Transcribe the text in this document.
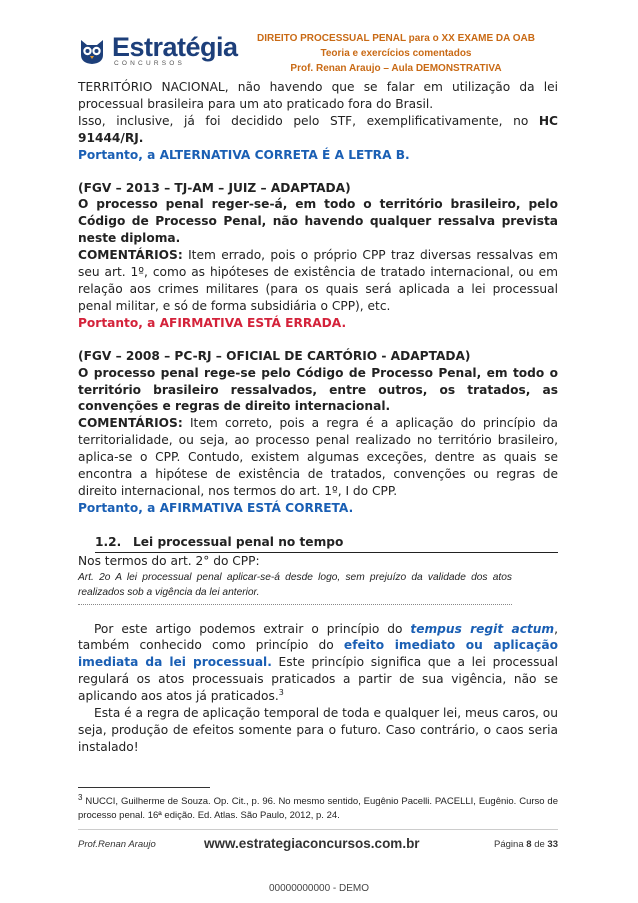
Estratégia
CONCURSOS
DIREITO PROCESSUAL PENAL para o XX EXAME DA OAB
Teoria e exercícios comentados
Prof. Renan Araujo – Aula DEMONSTRATIVA

TERRITÓRIO NACIONAL, não havendo que se falar em utilização da lei processual brasileira para um ato praticado fora do Brasil.

Isso, inclusive, já foi decidido pelo STF, exemplificativamente, no HC 91444/RJ.

Portanto, a ALTERNATIVA CORRETA É A LETRA B.

(FGV – 2013 – TJ-AM – JUIZ – ADAPTADA)

O processo penal reger-se-á, em todo o território brasileiro, pelo Código de Processo Penal, não havendo qualquer ressalva prevista neste diploma.

COMENTÁRIOS: Item errado, pois o próprio CPP traz diversas ressalvas em seu art. 1º, como as hipóteses de existência de tratado internacional, ou em relação aos crimes militares (para os quais será aplicada a lei processual penal militar, e só de forma subsidiária o CPP), etc.

Portanto, a AFIRMATIVA ESTÁ ERRADA.

(FGV – 2008 – PC-RJ – OFICIAL DE CARTÓRIO - ADAPTADA)

O processo penal rege-se pelo Código de Processo Penal, em todo o território brasileiro ressalvados, entre outros, os tratados, as convenções e regras de direito internacional.

COMENTÁRIOS: Item correto, pois a regra é a aplicação do princípio da territorialidade, ou seja, ao processo penal realizado no território brasileiro, aplica-se o CPP. Contudo, existem algumas exceções, dentre as quais se encontra a hipótese de existência de tratados, convenções ou regras de direito internacional, nos termos do art. 1º, I do CPP.

Portanto, a AFIRMATIVA ESTÁ CORRETA.

1.2. Lei processual penal no tempo

Nos termos do art. 2° do CPP:

Art. 2o A lei processual penal aplicar-se-á desde logo, sem prejuízo da validade dos atos realizados sob a vigência da lei anterior.

Por este artigo podemos extrair o princípio do tempus regit actum, também conhecido como princípio do efeito imediato ou aplicação imediata da lei processual. Este princípio significa que a lei processual regulará os atos processuais praticados a partir de sua vigência, não se aplicando aos atos já praticados.$^3$

Esta é a regra de aplicação temporal de toda e qualquer lei, meus caros, ou seja, produção de efeitos somente para o futuro. Caso contrário, o caos seria instalado!

$^3$ NUCCI, Guilherme de Souza. Op. Cit., p. 96. No mesmo sentido, Eugênio Pacelli. PACELLI, Eugênio. Curso de processo penal. 16ª edição. Ed. Atlas. São Paulo, 2012, p. 24.
Prof.Renan Araujo	www.estrategiaconcursos.com.br	Página 8 de 33
00000000000 - DEMO
